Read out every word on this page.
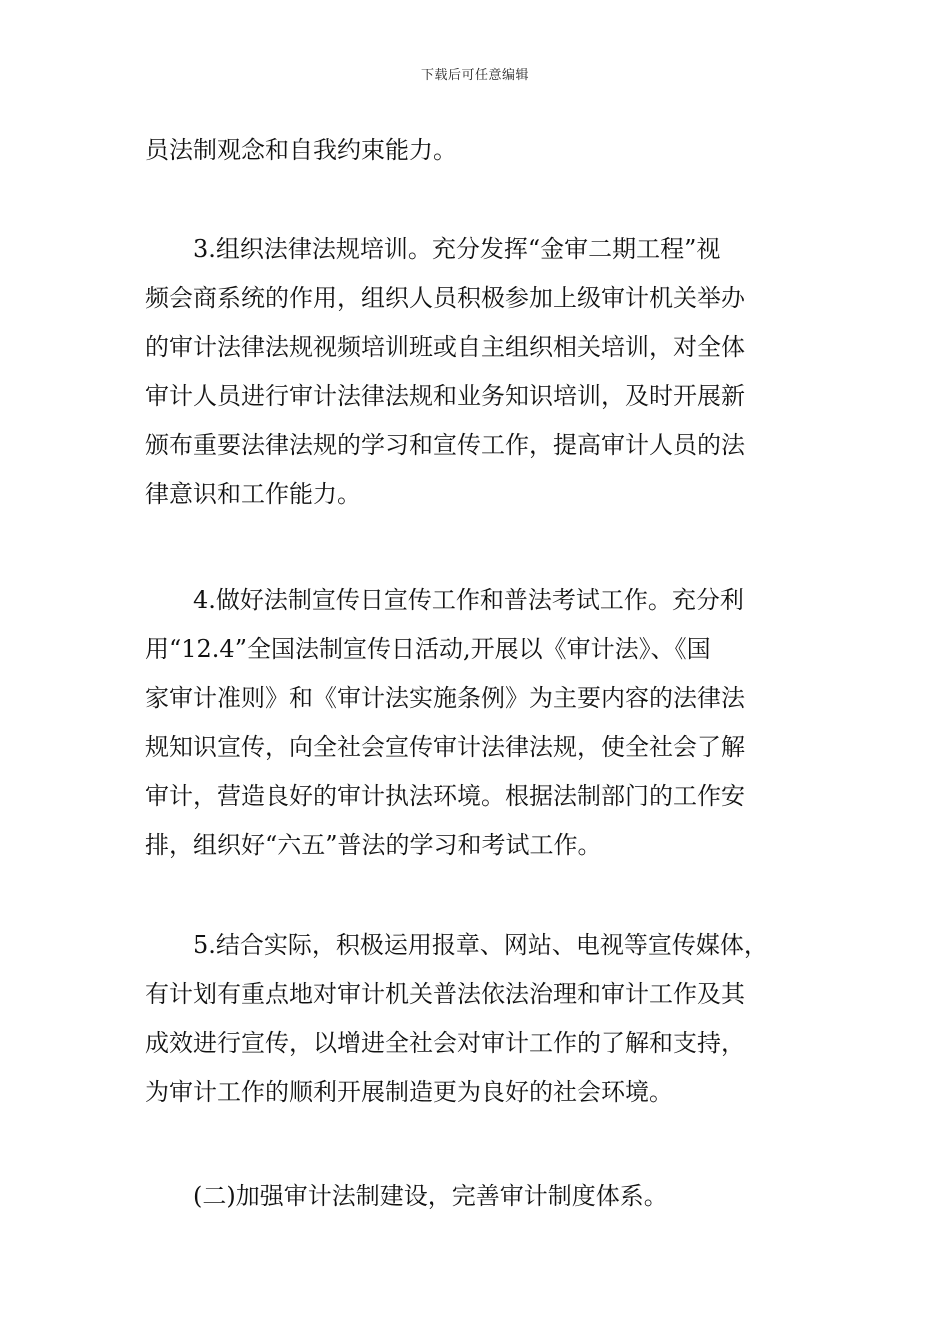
下载后可任意编辑
员法制观念和自我约束能力。
　　3.组织法律法规培训。充分发挥“金审二期工程”视
频会商系统的作用，组织人员积极参加上级审计机关举办
的审计法律法规视频培训班或自主组织相关培训，对全体
审计人员进行审计法律法规和业务知识培训，及时开展新
颁布重要法律法规的学习和宣传工作，提高审计人员的法
律意识和工作能力。
　　4.做好法制宣传日宣传工作和普法考试工作。充分利
用“12.4”全国法制宣传日活动,开展以《审计法》、《国
家审计准则》和《审计法实施条例》为主要内容的法律法
规知识宣传，向全社会宣传审计法律法规，使全社会了解
审计，营造良好的审计执法环境。根据法制部门的工作安
排，组织好“六五”普法的学习和考试工作。
　　5.结合实际，积极运用报章、网站、电视等宣传媒体，
有计划有重点地对审计机关普法依法治理和审计工作及其
成效进行宣传，以增进全社会对审计工作的了解和支持，
为审计工作的顺利开展制造更为良好的社会环境。
　　(二)加强审计法制建设，完善审计制度体系。
